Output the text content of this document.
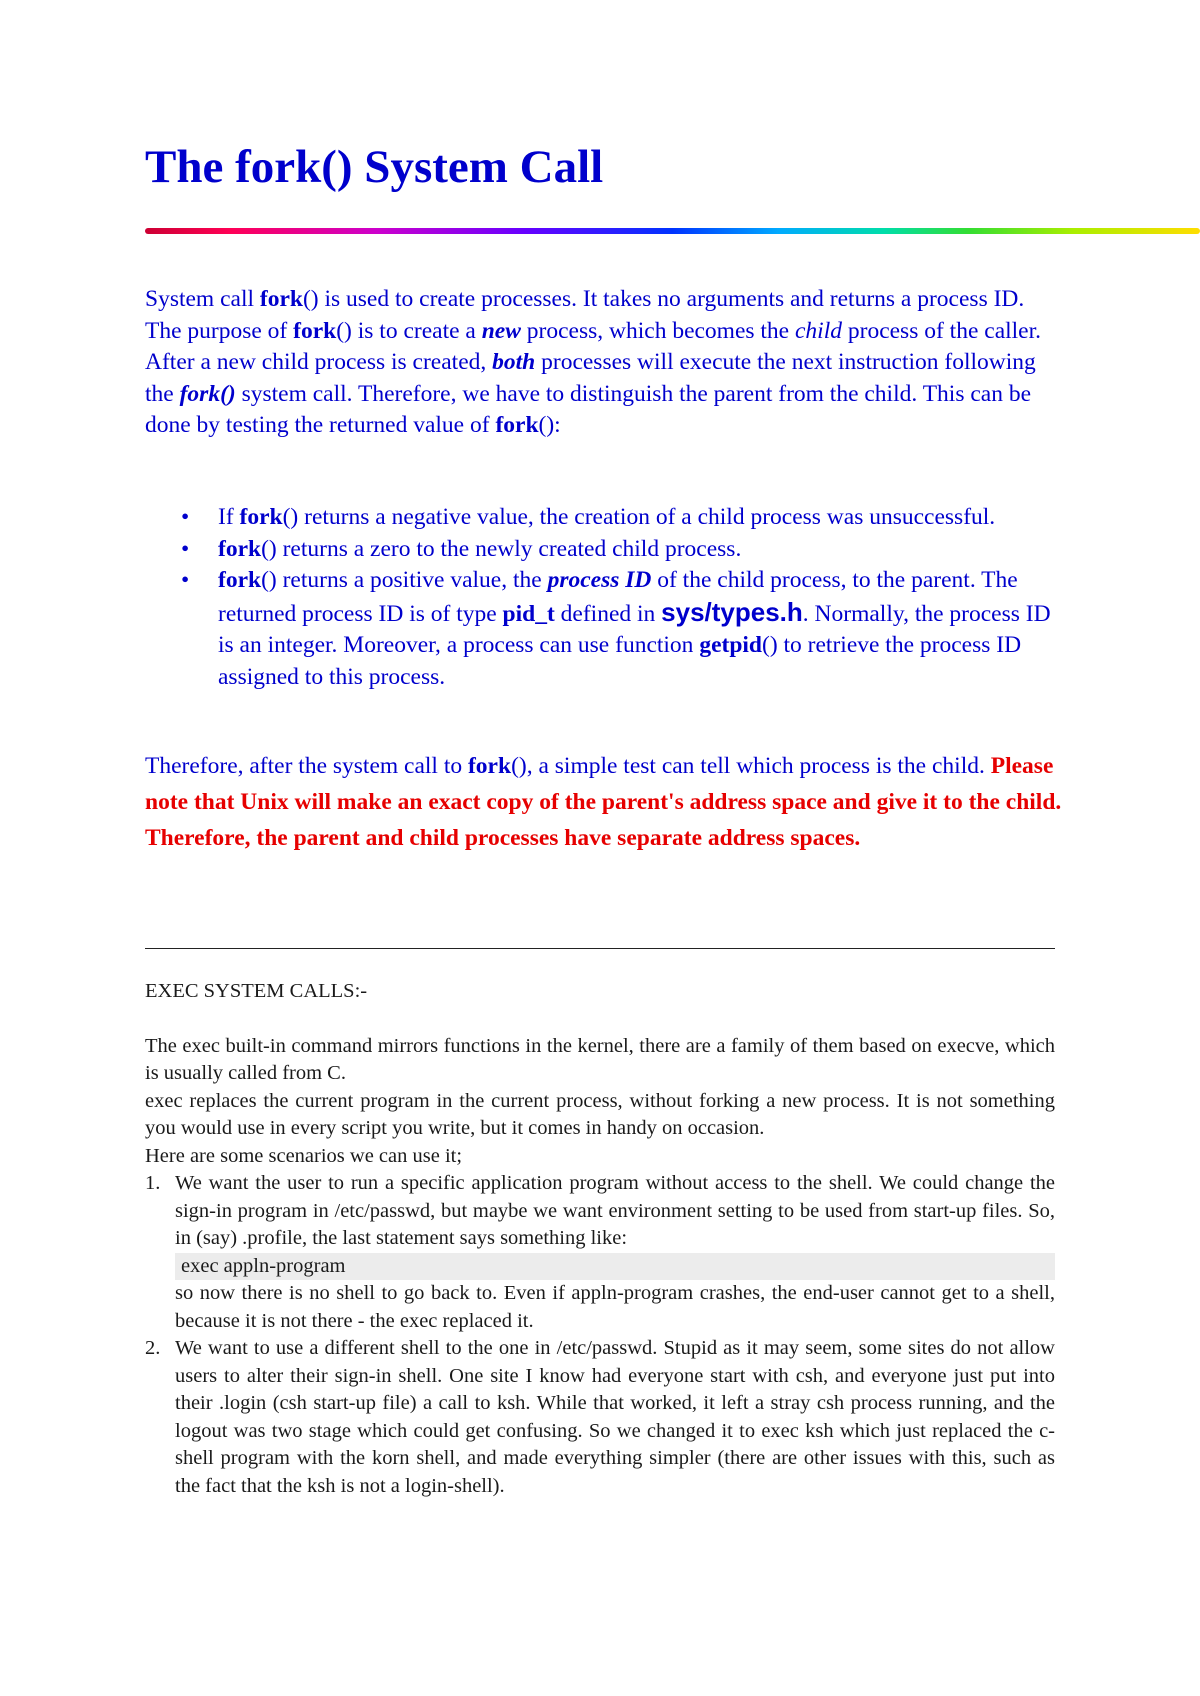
The fork() System Call

System call fork() is used to create processes. It takes no arguments and returns a process ID. The purpose of fork() is to create a new process, which becomes the child process of the caller. After a new child process is created, both processes will execute the next instruction following the fork() system call. Therefore, we have to distinguish the parent from the child. This can be done by testing the returned value of fork():

• If fork() returns a negative value, the creation of a child process was unsuccessful.
• fork() returns a zero to the newly created child process.
• fork() returns a positive value, the process ID of the child process, to the parent. The returned process ID is of type pid_t defined in sys/types.h. Normally, the process ID is an integer. Moreover, a process can use function getpid() to retrieve the process ID assigned to this process.

Therefore, after the system call to fork(), a simple test can tell which process is the child. Please note that Unix will make an exact copy of the parent's address space and give it to the child. Therefore, the parent and child processes have separate address spaces.

EXEC SYSTEM CALLS:-

The exec built-in command mirrors functions in the kernel, there are a family of them based on execve, which is usually called from C.

exec replaces the current program in the current process, without forking a new process. It is not something you would use in every script you write, but it comes in handy on occasion.

Here are some scenarios we can use it;

1. We want the user to run a specific application program without access to the shell. We could change the sign-in program in /etc/passwd, but maybe we want environment setting to be used from start-up files. So, in (say) .profile, the last statement says something like:

exec appln-program

so now there is no shell to go back to. Even if appln-program crashes, the end-user cannot get to a shell, because it is not there - the exec replaced it.

2. We want to use a different shell to the one in /etc/passwd. Stupid as it may seem, some sites do not allow users to alter their sign-in shell. One site I know had everyone start with csh, and everyone just put into their .login (csh start-up file) a call to ksh. While that worked, it left a stray csh process running, and the logout was two stage which could get confusing. So we changed it to exec ksh which just replaced the c-shell program with the korn shell, and made everything simpler (there are other issues with this, such as the fact that the ksh is not a login-shell).
